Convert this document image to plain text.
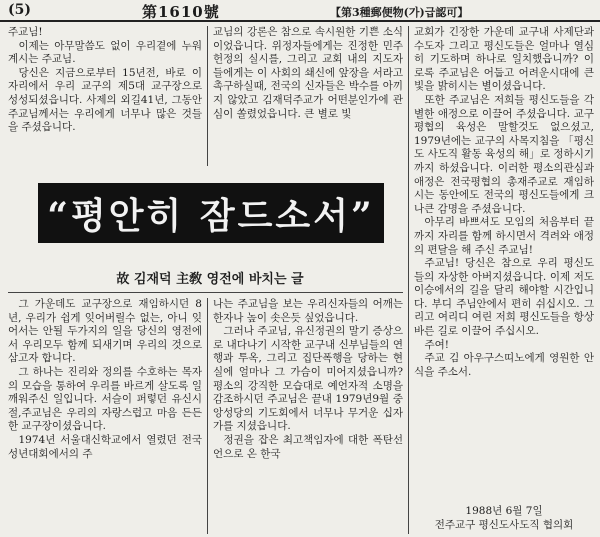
(5)	第1610號	【第3種郵便物(가)급認可】

주교님!

이제는 아무말씀도 없이 우리곁에 누워 계시는 주교님.

당신은 지금으로부터 15년전, 바로 이 자리에서 우리 교구의 제5대 교구장으로 성성되셨읍니다. 사제의 외길41년, 그동안 주교님께서는 우리에게 너무나 많은 것들을 주셨읍니다.

교님의 강론은 참으로 속시원한 기쁜 소식이었읍니다. 위정자들에게는 진정한 민주헌정의 실시를, 그리고 교회 내의 지도자들에게는 이 사회의 쇄신에 앞장을 서라고 촉구하실때, 전국의 신자들은 박수를 아끼지 않았고 김재덕주교가 어떤분인가에 관심이 쏠렸었읍니다. 큰 별로 빛

교회가 긴장한 가운데 교구내 사제단과 수도자 그리고 평신도들은 얼마나 열심히 기도하며 하나로 일치했읍니까? 이로록 주교님은 어둡고 어려운시대에 큰빛을 밝히시는 별이셨읍니다.

또한 주교님은 저희들 평신도들을 각별한 애정으로 이끌어 주셨읍니다. 교구 평협의 육성은 말할것도 없으셨고, 1979년에는 교구의 사목지침을 「평신도 사도직 활동 육성의 해」로 정하시기까지 하셨읍니다. 이러한 평소의관심과 애정은 전국평협의 총재주교로 재임하시는 동안에도 전국의 평신도들에게 크나큰 감명을 주셨읍니다.

아무리 바쁘셔도 모임의 처음부터 끝까지 자리를 함께 하시면서 격려와 애정의 편달을 해 주신 주교님!

주교님! 당신은 참으로 우리 평신도들의 자상한 아버지셨읍니다. 이제 저도 이승에서의 길을 달리 해야할 시간입니다. 부디 주님안에서 편히 쉬십시오. 그리고 여리디 여린 저희 평신도들을 항상 바른 길로 이끌어 주십시오.

주여!

주교 김 아우구스띠노에게 영원한 안식을 주소서.

1988년 6월 7일

전주교구 평신도사도직 협의회

“평안히 잠드소서”
故 김재덕 主敎 영전에 바치는 글

그 가운데도 교구장으로 재임하시던 8년, 우리가 쉽게 잊어버릴수 없는, 아니 잊어서는 안될 두가지의 일을 당신의 영전에서 우리모두 함께 되새기며 우리의 것으로 삼고자 합니다.

그 하나는 진리와 정의를 수호하는 목자의 모습을 통하여 우리를 바르게 살도록 일깨워주신 일입니다. 서슬이 퍼렇던 유신시절,주교님은 우리의 자랑스럽고 마음 든든한 교구장이셨읍니다.

1974년 서울대신학교에서 열렸던 전국성년대회에서의 주

나는 주교님을 보는 우리신자들의 어깨는 한자나 높이 솟은듯 싶었읍니다.

그러나 주교님, 유신정권의 말기 증상으로 내다나기 시작한 교구내 신부님들의 연행과 투옥, 그리고 집단폭행을 당하는 현실에 얼마나 그 가슴이 미어지셨읍니까? 평소의 강직한 모습대로 예언자적 소명을 감조하시던 주교님은 끝내 1979년9월 중앙성당의 기도회에서 너무나 무거운 십자가를 지셨읍니다.

정권을 잡은 최고책임자에 대한 폭탄선언으로 온 한국
